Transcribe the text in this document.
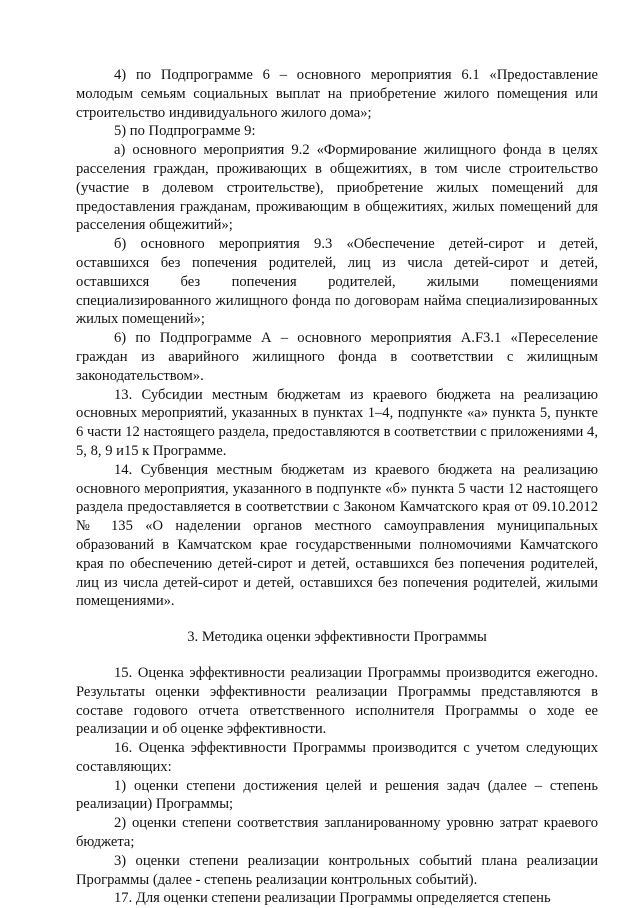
4) по Подпрограмме 6 – основного мероприятия 6.1 «Предоставление молодым семьям социальных выплат на приобретение жилого помещения или строительство индивидуального жилого дома»;

5) по Подпрограмме 9:

а) основного мероприятия 9.2 «Формирование жилищного фонда в целях расселения граждан, проживающих в общежитиях, в том числе строительство (участие в долевом строительстве), приобретение жилых помещений для предоставления гражданам, проживающим в общежитиях, жилых помещений для расселения общежитий»;

б) основного мероприятия 9.3 «Обеспечение детей-сирот и детей, оставшихся без попечения родителей, лиц из числа детей-сирот и детей, оставшихся без попечения родителей, жилыми помещениями специализированного жилищного фонда по договорам найма специализированных жилых помещений»;

6) по Подпрограмме А – основного мероприятия А.F3.1 «Переселение граждан из аварийного жилищного фонда в соответствии с жилищным законодательством».

13. Субсидии местным бюджетам из краевого бюджета на реализацию основных мероприятий, указанных в пунктах 1–4, подпункте «а» пункта 5, пункте 6 части 12 настоящего раздела, предоставляются в соответствии с приложениями 4, 5, 8, 9 и15 к Программе.

14. Субвенция местным бюджетам из краевого бюджета на реализацию основного мероприятия, указанного в подпункте «б» пункта 5 части 12 настоящего раздела предоставляется в соответствии с Законом Камчатского края от 09.10.2012 № 135 «О наделении органов местного самоуправления муниципальных образований в Камчатском крае государственными полномочиями Камчатского края по обеспечению детей-сирот и детей, оставшихся без попечения родителей, лиц из числа детей-сирот и детей, оставшихся без попечения родителей, жилыми помещениями».

3. Методика оценки эффективности Программы

15. Оценка эффективности реализации Программы производится ежегодно. Результаты оценки эффективности реализации Программы представляются в составе годового отчета ответственного исполнителя Программы о ходе ее реализации и об оценке эффективности.

16. Оценка эффективности Программы производится с учетом следующих составляющих:

1) оценки степени достижения целей и решения задач (далее – степень реализации) Программы;

2) оценки степени соответствия запланированному уровню затрат краевого бюджета;

3) оценки степени реализации контрольных событий плана реализации Программы (далее - степень реализации контрольных событий).

17. Для оценки степени реализации Программы определяется степень
